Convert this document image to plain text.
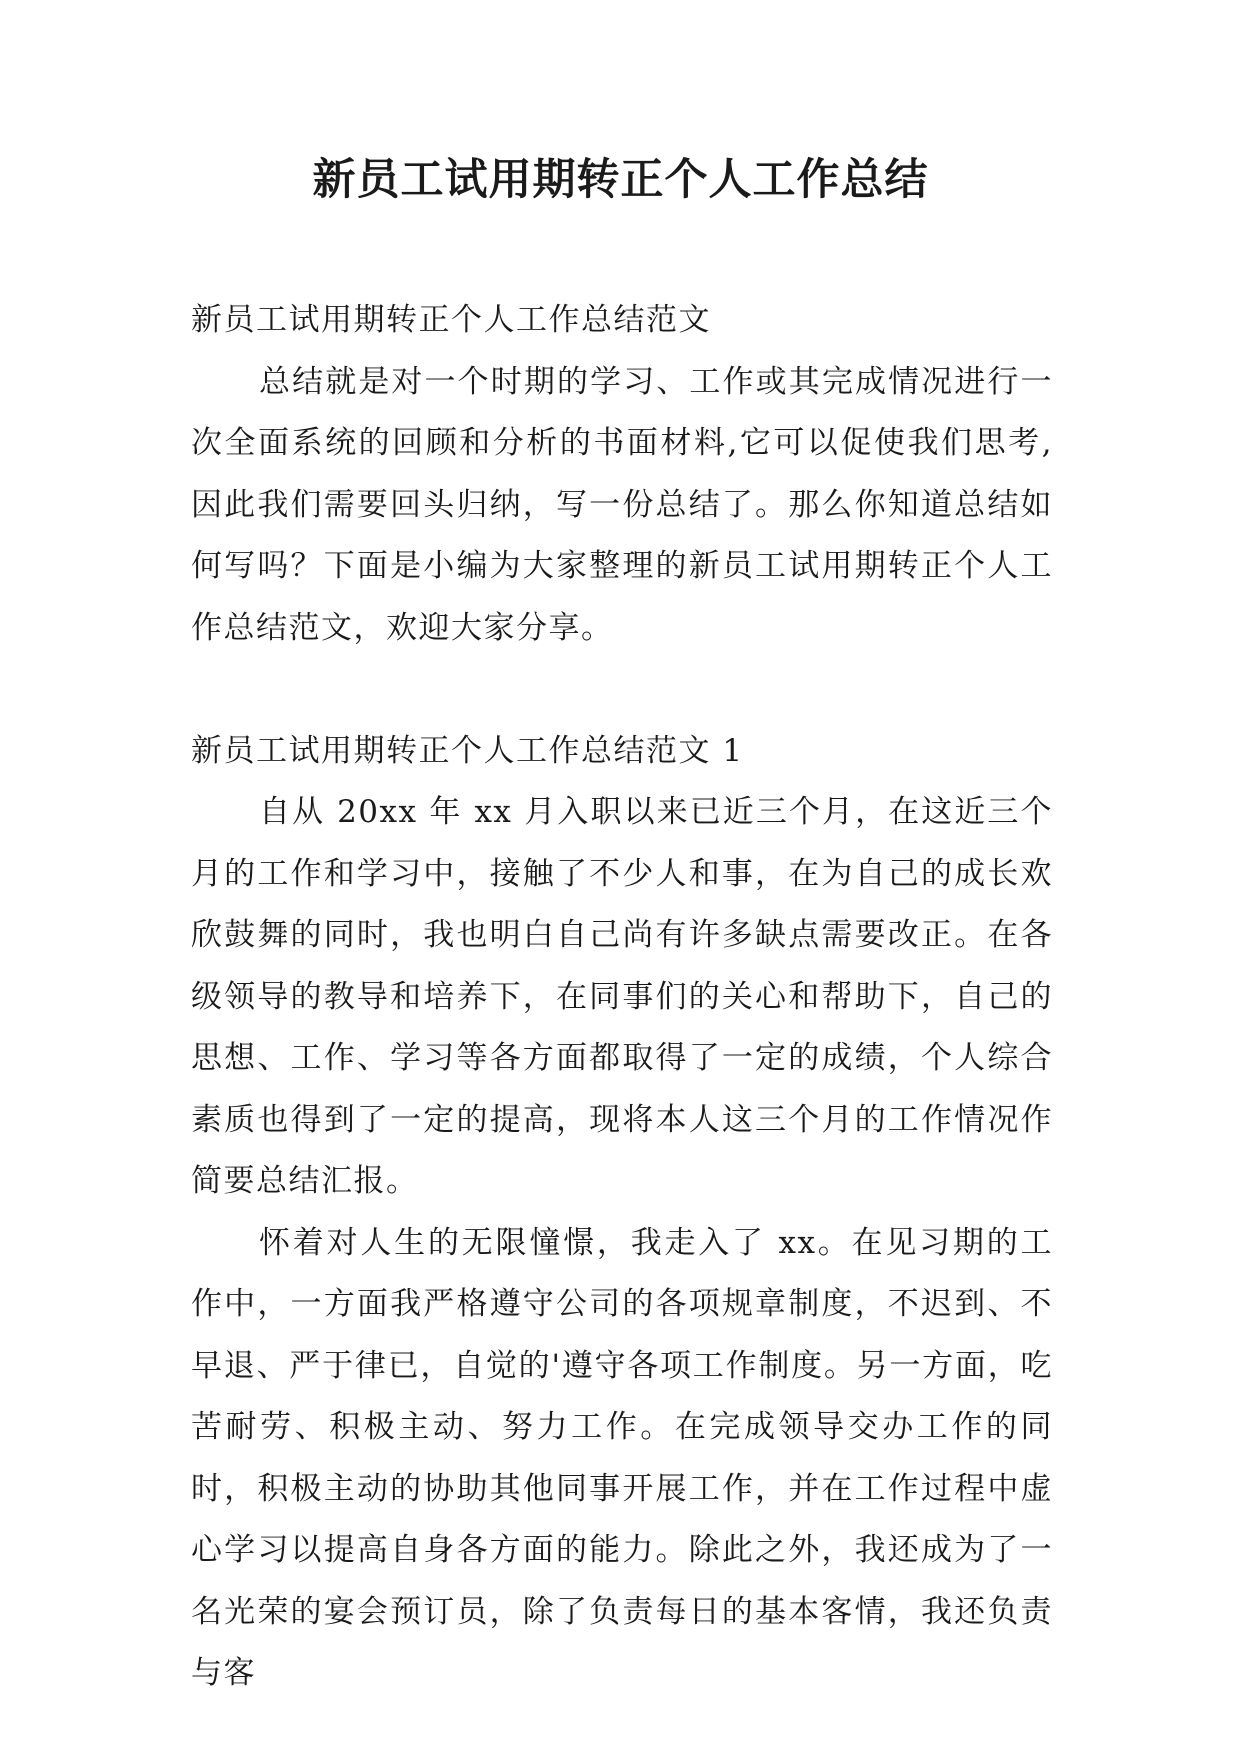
新员工试用期转正个人工作总结

新员工试用期转正个人工作总结范文

总结就是对一个时期的学习、工作或其完成情况进行一次全面系统的回顾和分析的书面材料,它可以促使我们思考,因此我们需要回头归纳，写一份总结了。那么你知道总结如何写吗？下面是小编为大家整理的新员工试用期转正个人工作总结范文，欢迎大家分享。

新员工试用期转正个人工作总结范文 1

自从 20xx 年 xx 月入职以来已近三个月，在这近三个月的工作和学习中，接触了不少人和事，在为自己的成长欢欣鼓舞的同时，我也明白自己尚有许多缺点需要改正。在各级领导的教导和培养下，在同事们的关心和帮助下，自己的思想、工作、学习等各方面都取得了一定的成绩，个人综合素质也得到了一定的提高，现将本人这三个月的工作情况作简要总结汇报。

怀着对人生的无限憧憬，我走入了 xx。在见习期的工作中，一方面我严格遵守公司的各项规章制度，不迟到、不早退、严于律已，自觉的'遵守各项工作制度。另一方面，吃苦耐劳、积极主动、努力工作。在完成领导交办工作的同时，积极主动的协助其他同事开展工作，并在工作过程中虚心学习以提高自身各方面的能力。除此之外，我还成为了一名光荣的宴会预订员，除了负责每日的基本客情，我还负责与客
